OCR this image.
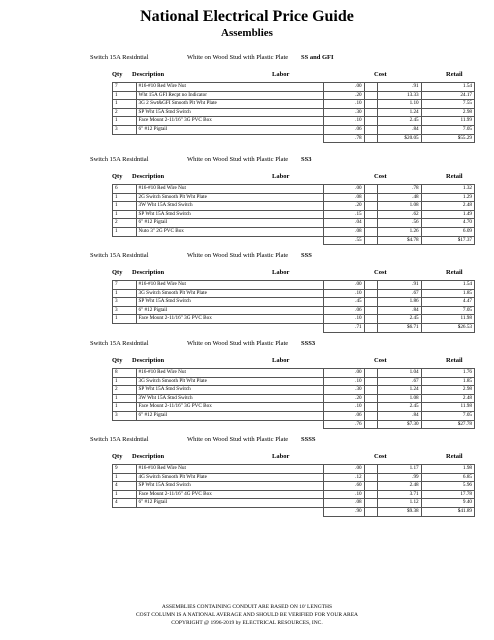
National Electrical Price Guide
Assemblies
Switch 15A Residntial	White on Wood Stud with Plastic Plate SS and GFI
Qty Description	Labor	Cost	Retail
7	#16-#10 Red Wire Nut	.00		.91	1.54
1	Wht 15A GFI Recpt no Indicator	.20		13.33	24.17
1	3G 2 Swt&GFI Smooth Plt Wht Plate	.10		1.10	7.55
2	SP Wht 15A Stnd Switch	.30		1.24	2.98
1	Face Mount 2-11/16" 3G PVC Box	.10		2.45	11.99
3	6" #12 Pigtail	.06		.84	7.05
		.78		$20.05	$55.29
Switch 15A Residntial	White on Wood Stud with Plastic Plate SS3
Qty Description	Labor	Cost	Retail
6	#16-#10 Red Wire Nut	.00		.78	1.32
1	2G Switch Smooth Plt Wht Plate	.08		.48	1.29
1	3W Wht 15A Stnd Switch	.20		1.08	2.48
1	SP Wht 15A Stnd Switch	.15		.62	1.49
2	6" #12 Pigtail	.04		.56	4.70
1	Nuto 3" 2G PVC Box	.08		1.26	6.09
		.55		$4.78	$17.37
Switch 15A Residntial	White on Wood Stud with Plastic Plate SSS
Qty Description	Labor	Cost	Retail
7	#16-#10 Red Wire Nut	.00		.91	1.54
1	3G Switch Smooth Plt Wht Plate	.10		.67	1.85
3	SP Wht 15A Stnd Switch	.45		1.86	4.47
3	6" #12 Pigtail	.06		.84	7.05
1	Face Mount 2-11/16" 3G PVC Box	.10		2.45	11.98
		.71		$6.71	$26.53
Switch 15A Residntial	White on Wood Stud with Plastic Plate SSS3
Qty Description	Labor	Cost	Retail
8	#16-#10 Red Wire Nut	.00		1.04	1.76
1	3G Switch Smooth Plt Wht Plate	.10		.67	1.85
2	SP Wht 15A Stnd Switch	.30		1.24	2.98
1	3W Wht 15A Stnd Switch	.20		1.08	2.48
1	Face Mount 2-11/16" 3G PVC Box	.10		2.45	11.98
3	6" #12 Pigtail	.06		.84	7.05
		.76		$7.30	$27.78
Switch 15A Residntial	White on Wood Stud with Plastic Plate SSSS
Qty Description	Labor	Cost	Retail
9	#16-#10 Red Wire Nut	.00		1.17	1.98
1	4G Switch Smooth Plt Wht Plate	.12		.99	6.85
4	SP Wht 15A Stnd Switch	.60		2.48	5.96
1	Face Mount 2-11/16" 4G PVC Box	.10		3.71	17.78
4	6" #12 Pigtail	.08		1.12	9.40
		.90		$9.38	$41.89
ASSEMBLIES CONTAINING CONDUIT ARE BASED ON 10' LENGTHS
COST COLUMN IS A NATIONAL AVERAGE AND SHOULD BE VERIFIED FOR YOUR AREA
COPYRIGHT @ 1996-2019 by ELECTRICAL RESOURCES, INC.
